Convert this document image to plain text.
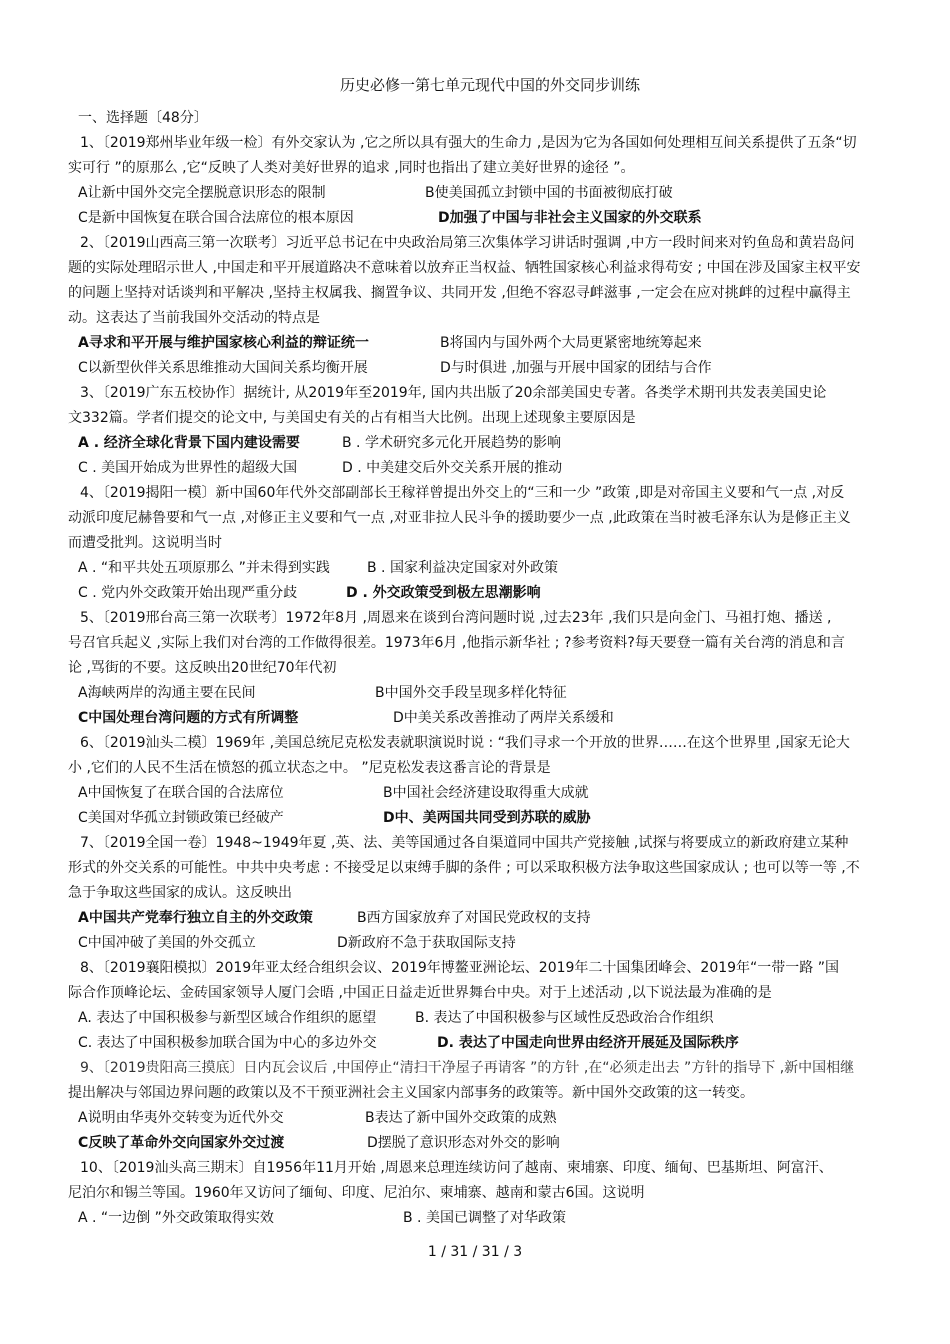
历史必修一第七单元现代中国的外交同步训练
一、选择题〔48分〕
1、〔2019郑州毕业年级一检〕有外交家认为 ,它之所以具有强大的生命力 ,是因为它为各国如何处理相互间关系提供了五条“切
实可行 ”的原那么 ,它“反映了人类对美好世界的追求 ,同时也指出了建立美好世界的途径 ”。
A让新中国外交完全摆脱意识形态的限制	B使美国孤立封锁中国的书面被彻底打破
C是新中国恢复在联合国合法席位的根本原因	D加强了中国与非社会主义国家的外交联系
2、〔2019山西高三第一次联考〕习近平总书记在中央政治局第三次集体学习讲话时强调 ,中方一段时间来对钓鱼岛和黄岩岛问
题的实际处理昭示世人 ,中国走和平开展道路决不意味着以放弃正当权益、牺牲国家核心利益求得苟安 ; 中国在涉及国家主权平安
的问题上坚持对话谈判和平解决 ,坚持主权属我、搁置争议、共同开发 ,但绝不容忍寻衅滋事 ,一定会在应对挑衅的过程中赢得主
动。这表达了当前我国外交活动的特点是
A寻求和平开展与维护国家核心利益的辩证统一	B将国内与国外两个大局更紧密地统筹起来
C以新型伙伴关系思维推动大国间关系均衡开展	D与时俱进 ,加强与开展中国家的团结与合作
3、〔2019广东五校协作〕据统计, 从2019年至2019年, 国内共出版了20余部美国史专著。各类学术期刊共发表美国史论
文332篇。学者们提交的论文中, 与美国史有关的占有相当大比例。出现上述现象主要原因是
A . 经济全球化背景下国内建设需要	B . 学术研究多元化开展趋势的影响
C . 美国开始成为世界性的超级大国	D . 中美建交后外交关系开展的推动
4、〔2019揭阳一模〕新中国60年代外交部副部长王稼祥曾提出外交上的“三和一少 ”政策 ,即是对帝国主义要和气一点 ,对反
动派印度尼赫鲁要和气一点 ,对修正主义要和气一点 ,对亚非拉人民斗争的援助要少一点 ,此政策在当时被毛泽东认为是修正主义
而遭受批判。这说明当时
A . “和平共处五项原那么 ”并未得到实践	B . 国家利益决定国家对外政策
C . 党内外交政策开始出现严重分歧	D . 外交政策受到极左思潮影响
5、〔2019邢台高三第一次联考〕1972年8月 ,周恩来在谈到台湾问题时说 ,过去23年 ,我们只是向金门、马祖打炮、播送 ,
号召官兵起义 ,实际上我们对台湾的工作做得很差。1973年6月 ,他指示新华社 ; ?参考资料?每天要登一篇有关台湾的消息和言
论 ,骂街的不要。这反映出20世纪70年代初
A海峡两岸的沟通主要在民间	B中国外交手段呈现多样化特征
C中国处理台湾问题的方式有所调整	D中美关系改善推动了两岸关系缓和
6、〔2019汕头二模〕1969年 ,美国总统尼克松发表就职演说时说 : “我们寻求一个开放的世界……在这个世界里 ,国家无论大
小 ,它们的人民不生活在愤怒的孤立状态之中。 ”尼克松发表这番言论的背景是
A中国恢复了在联合国的合法席位	B中国社会经济建设取得重大成就
C美国对华孤立封锁政策已经破产	D中、美两国共同受到苏联的威胁
7、〔2019全国一卷〕1948~1949年夏 ,英、法、美等国通过各自渠道同中国共产党接触 ,试探与将要成立的新政府建立某种
形式的外交关系的可能性。中共中央考虑 : 不接受足以束缚手脚的条件 ; 可以采取积极方法争取这些国家成认 ; 也可以等一等 ,不
急于争取这些国家的成认。这反映出
A中国共产党奉行独立自主的外交政策	B西方国家放弃了对国民党政权的支持
C中国冲破了美国的外交孤立	D新政府不急于获取国际支持
8、〔2019襄阳模拟〕2019年亚太经合组织会议、2019年博鳌亚洲论坛、2019年二十国集团峰会、2019年“一带一路 ”国
际合作顶峰论坛、金砖国家领导人厦门会晤 ,中国正日益走近世界舞台中央。对于上述活动 ,以下说法最为准确的是
A. 表达了中国积极参与新型区域合作组织的愿望	B. 表达了中国积极参与区域性反恐政治合作组织
C. 表达了中国积极参加联合国为中心的多边外交	D. 表达了中国走向世界由经济开展延及国际秩序
9、〔2019贵阳高三摸底〕日内瓦会议后 ,中国停止“清扫干净屋子再请客 ”的方针 ,在“必须走出去 ”方针的指导下 ,新中国相继
提出解决与邻国边界问题的政策以及不干预亚洲社会主义国家内部事务的政策等。新中国外交政策的这一转变。
A说明由华夷外交转变为近代外交	B表达了新中国外交政策的成熟
C反映了革命外交向国家外交过渡	D摆脱了意识形态对外交的影响
10、〔2019汕头高三期末〕自1956年11月开始 ,周恩来总理连续访问了越南、柬埔寨、印度、缅甸、巴基斯坦、阿富汗、
尼泊尔和锡兰等国。1960年又访问了缅甸、印度、尼泊尔、柬埔寨、越南和蒙古6国。这说明
A . “一边倒 ”外交政策取得实效	B . 美国已调整了对华政策
1 / 31 / 31 / 3
